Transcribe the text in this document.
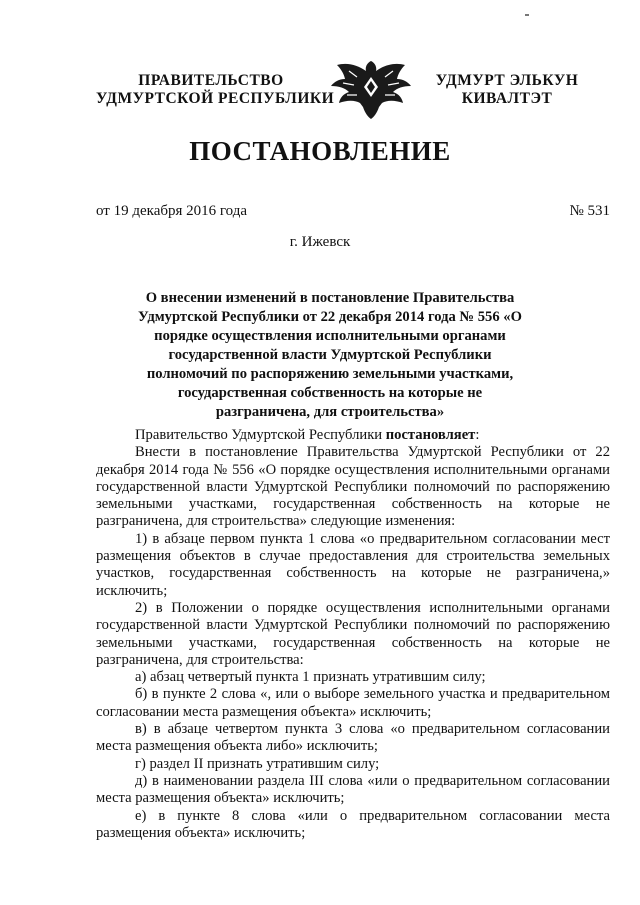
ПРАВИТЕЛЬСТВО
УДМУРТСКОЙ РЕСПУБЛИКИ
УДМУРТ ЭЛЬКУН
КИВАЛТЭТ
ПОСТАНОВЛЕНИЕ
от 19 декабря 2016 года	№ 531
г. Ижевск
О внесении изменений в постановление Правительства Удмуртской Республики от 22 декабря 2014 года № 556 «О порядке осуществления исполнительными органами государственной власти Удмуртской Республики полномочий по распоряжению земельными участками, государственная собственность на которые не разграничена, для строительства»

Правительство Удмуртской Республики постановляет:

Внести в постановление Правительства Удмуртской Республики от 22 декабря 2014 года № 556 «О порядке осуществления исполнительными органами государственной власти Удмуртской Республики полномочий по распоряжению земельными участками, государственная собственность на которые не разграничена, для строительства» следующие изменения:

1) в абзаце первом пункта 1 слова «о предварительном согласовании мест размещения объектов в случае предоставления для строительства земельных участков, государственная собственность на которые не разграничена,» исключить;

2) в Положении о порядке осуществления исполнительными органами государственной власти Удмуртской Республики полномочий по распоряжению земельными участками, государственная собственность на которые не разграничена, для строительства:

а) абзац четвертый пункта 1 признать утратившим силу;

б) в пункте 2 слова «, или о выборе земельного участка и предварительном согласовании места размещения объекта» исключить;

в) в абзаце четвертом пункта 3 слова «о предварительном согласовании места размещения объекта либо» исключить;

г) раздел II признать утратившим силу;

д) в наименовании раздела III слова «или о предварительном согласовании места размещения объекта» исключить;

е) в пункте 8 слова «или о предварительном согласовании места размещения объекта» исключить;
